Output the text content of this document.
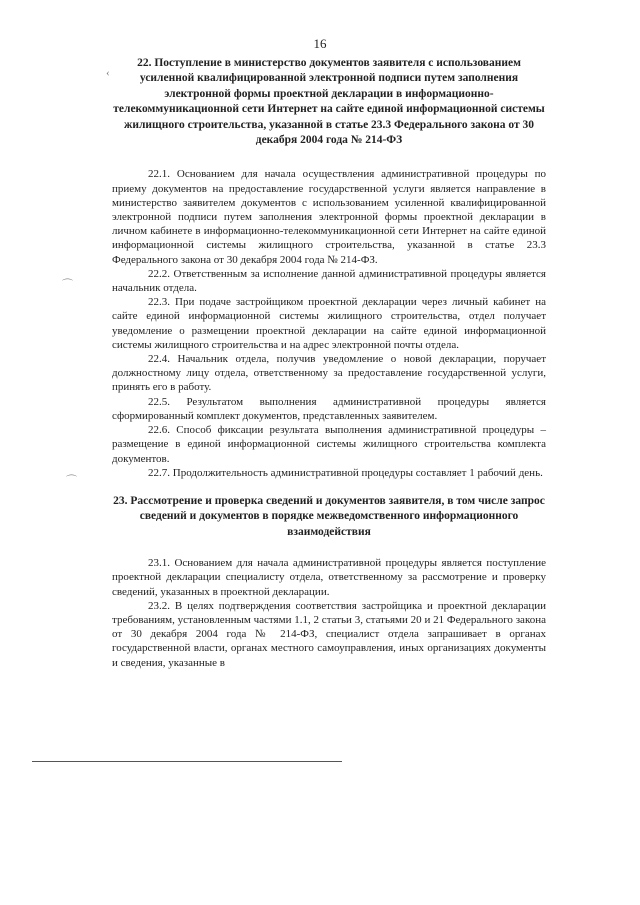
16
‹
⌒
⌒

22. Поступление в министерство документов заявителя с использованием усиленной квалифицированной электронной подписи путем заполнения электронной формы проектной декларации в информационно-телекоммуникационной сети Интернет на сайте единой информационной системы жилищного строительства, указанной в статье 23.3 Федерального закона от 30 декабря 2004 года № 214-ФЗ

22.1. Основанием для начала осуществления административной процедуры по приему документов на предоставление государственной услуги является направление в министерство заявителем документов с использованием усиленной квалифицированной электронной подписи путем заполнения электронной формы проектной декларации в личном кабинете в информационно-телекоммуникационной сети Интернет на сайте единой информационной системы жилищного строительства, указанной в статье 23.3 Федерального закона от 30 декабря 2004 года № 214-ФЗ.

22.2. Ответственным за исполнение данной административной процедуры является начальник отдела.

22.3. При подаче застройщиком проектной декларации через личный кабинет на сайте единой информационной системы жилищного строительства, отдел получает уведомление о размещении проектной декларации на сайте единой информационной системы жилищного строительства и на адрес электронной почты отдела.

22.4. Начальник отдела, получив уведомление о новой декларации, поручает должностному лицу отдела, ответственному за предоставление государственной услуги, принять его в работу.

22.5. Результатом выполнения административной процедуры является сформированный комплект документов, представленных заявителем.

22.6. Способ фиксации результата выполнения административной процедуры – размещение в единой информационной системы жилищного строительства комплекта документов.

22.7. Продолжительность административной процедуры составляет 1 рабочий день.

23. Рассмотрение и проверка сведений и документов заявителя, в том числе запрос сведений и документов в порядке межведомственного информационного взаимодействия

23.1. Основанием для начала административной процедуры является поступление проектной декларации специалисту отдела, ответственному за рассмотрение и проверку сведений, указанных в проектной декларации.

23.2. В целях подтверждения соответствия застройщика и проектной декларации требованиям, установленным частями 1.1, 2 статьи 3, статьями 20 и 21 Федерального закона от 30 декабря 2004 года № 214-ФЗ, специалист отдела запрашивает в органах государственной власти, органах местного самоуправления, иных организациях документы и сведения, указанные в
